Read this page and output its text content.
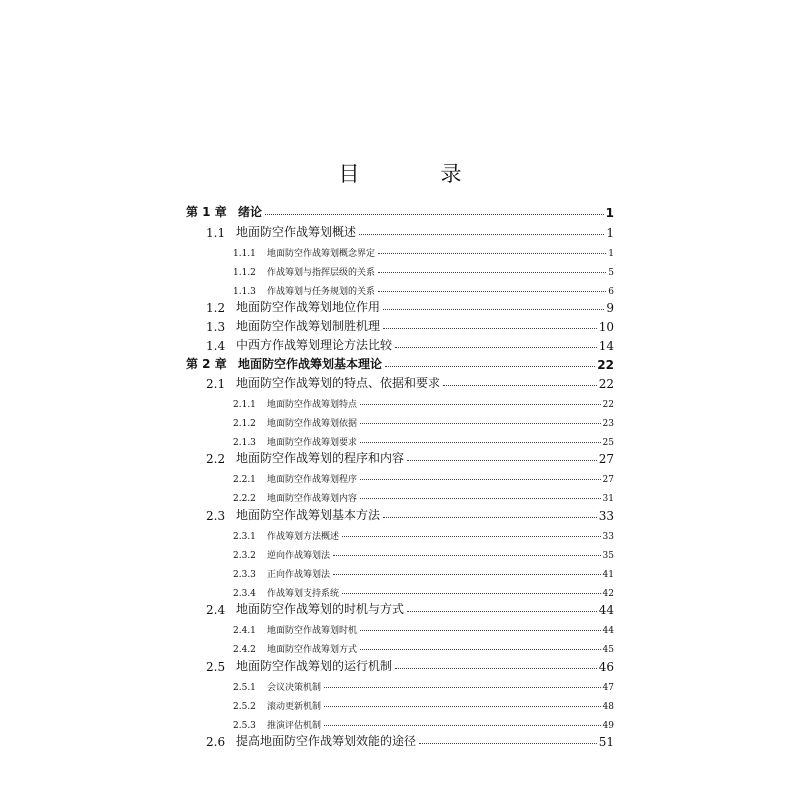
目　录
第 1 章 绪论	1
1.1 地面防空作战筹划概述	1
1.1.1	地面防空作战筹划概念界定	1
1.1.2	作战筹划与指挥层级的关系	5
1.1.3	作战筹划与任务规划的关系	6
1.2 地面防空作战筹划地位作用	9
1.3 地面防空作战筹划制胜机理	10
1.4 中西方作战筹划理论方法比较	14
第 2 章 地面防空作战筹划基本理论	22
2.1 地面防空作战筹划的特点、依据和要求	22
2.1.1	地面防空作战筹划特点	22
2.1.2	地面防空作战筹划依据	23
2.1.3	地面防空作战筹划要求	25
2.2 地面防空作战筹划的程序和内容	27
2.2.1	地面防空作战筹划程序	27
2.2.2	地面防空作战筹划内容	31
2.3 地面防空作战筹划基本方法	33
2.3.1	作战筹划方法概述	33
2.3.2	逆向作战筹划法	35
2.3.3	正向作战筹划法	41
2.3.4	作战筹划支持系统	42
2.4 地面防空作战筹划的时机与方式	44
2.4.1	地面防空作战筹划时机	44
2.4.2	地面防空作战筹划方式	45
2.5 地面防空作战筹划的运行机制	46
2.5.1	会议决策机制	47
2.5.2	滚动更新机制	48
2.5.3	推演评估机制	49
2.6 提高地面防空作战筹划效能的途径	51
